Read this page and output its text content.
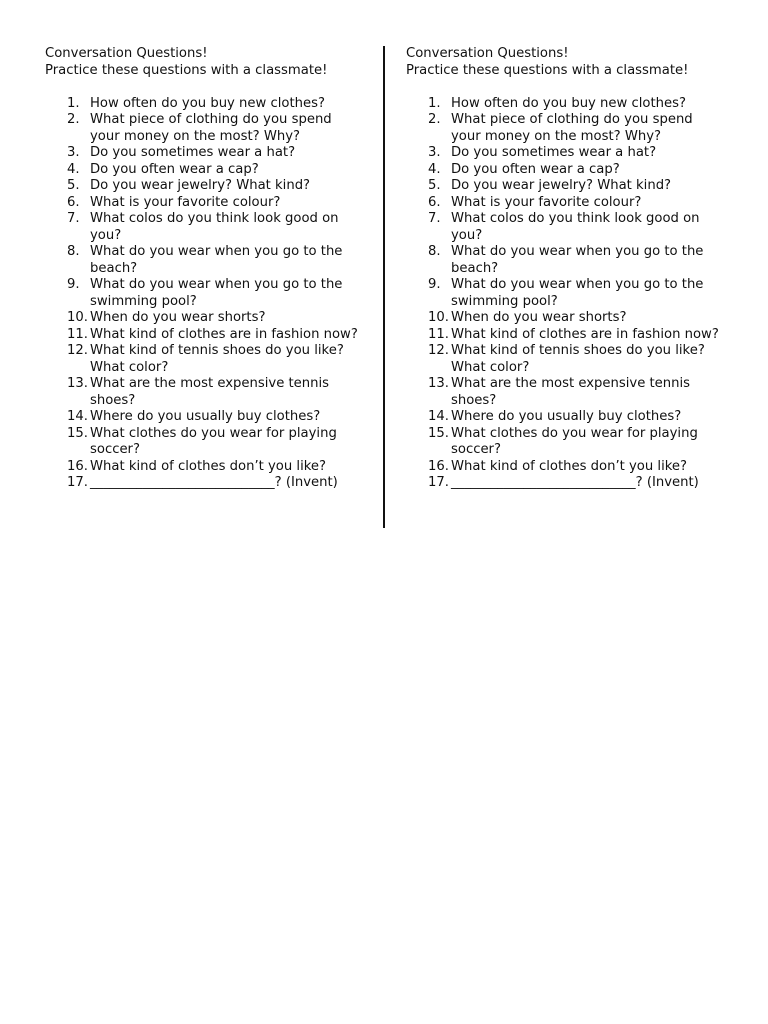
Conversation Questions!
Practice these questions with a classmate!
1. How often do you buy new clothes?
2. What piece of clothing do you spend your money on the most? Why?
3. Do you sometimes wear a hat?
4. Do you often wear a cap?
5. Do you wear jewelry? What kind?
6. What is your favorite colour?
7. What colos do you think look good on you?
8. What do you wear when you go to the beach?
9. What do you wear when you go to the swimming pool?
10. When do you wear shorts?
11. What kind of clothes are in fashion now?
12. What kind of tennis shoes do you like? What color?
13. What are the most expensive tennis shoes?
14. Where do you usually buy clothes?
15. What clothes do you wear for playing soccer?
16. What kind of clothes don’t you like?
17. ____________________________? (Invent)
Conversation Questions!
Practice these questions with a classmate!
1. How often do you buy new clothes?
2. What piece of clothing do you spend your money on the most? Why?
3. Do you sometimes wear a hat?
4. Do you often wear a cap?
5. Do you wear jewelry? What kind?
6. What is your favorite colour?
7. What colos do you think look good on you?
8. What do you wear when you go to the beach?
9. What do you wear when you go to the swimming pool?
10. When do you wear shorts?
11. What kind of clothes are in fashion now?
12. What kind of tennis shoes do you like? What color?
13. What are the most expensive tennis shoes?
14. Where do you usually buy clothes?
15. What clothes do you wear for playing soccer?
16. What kind of clothes don’t you like?
17. ____________________________? (Invent)
